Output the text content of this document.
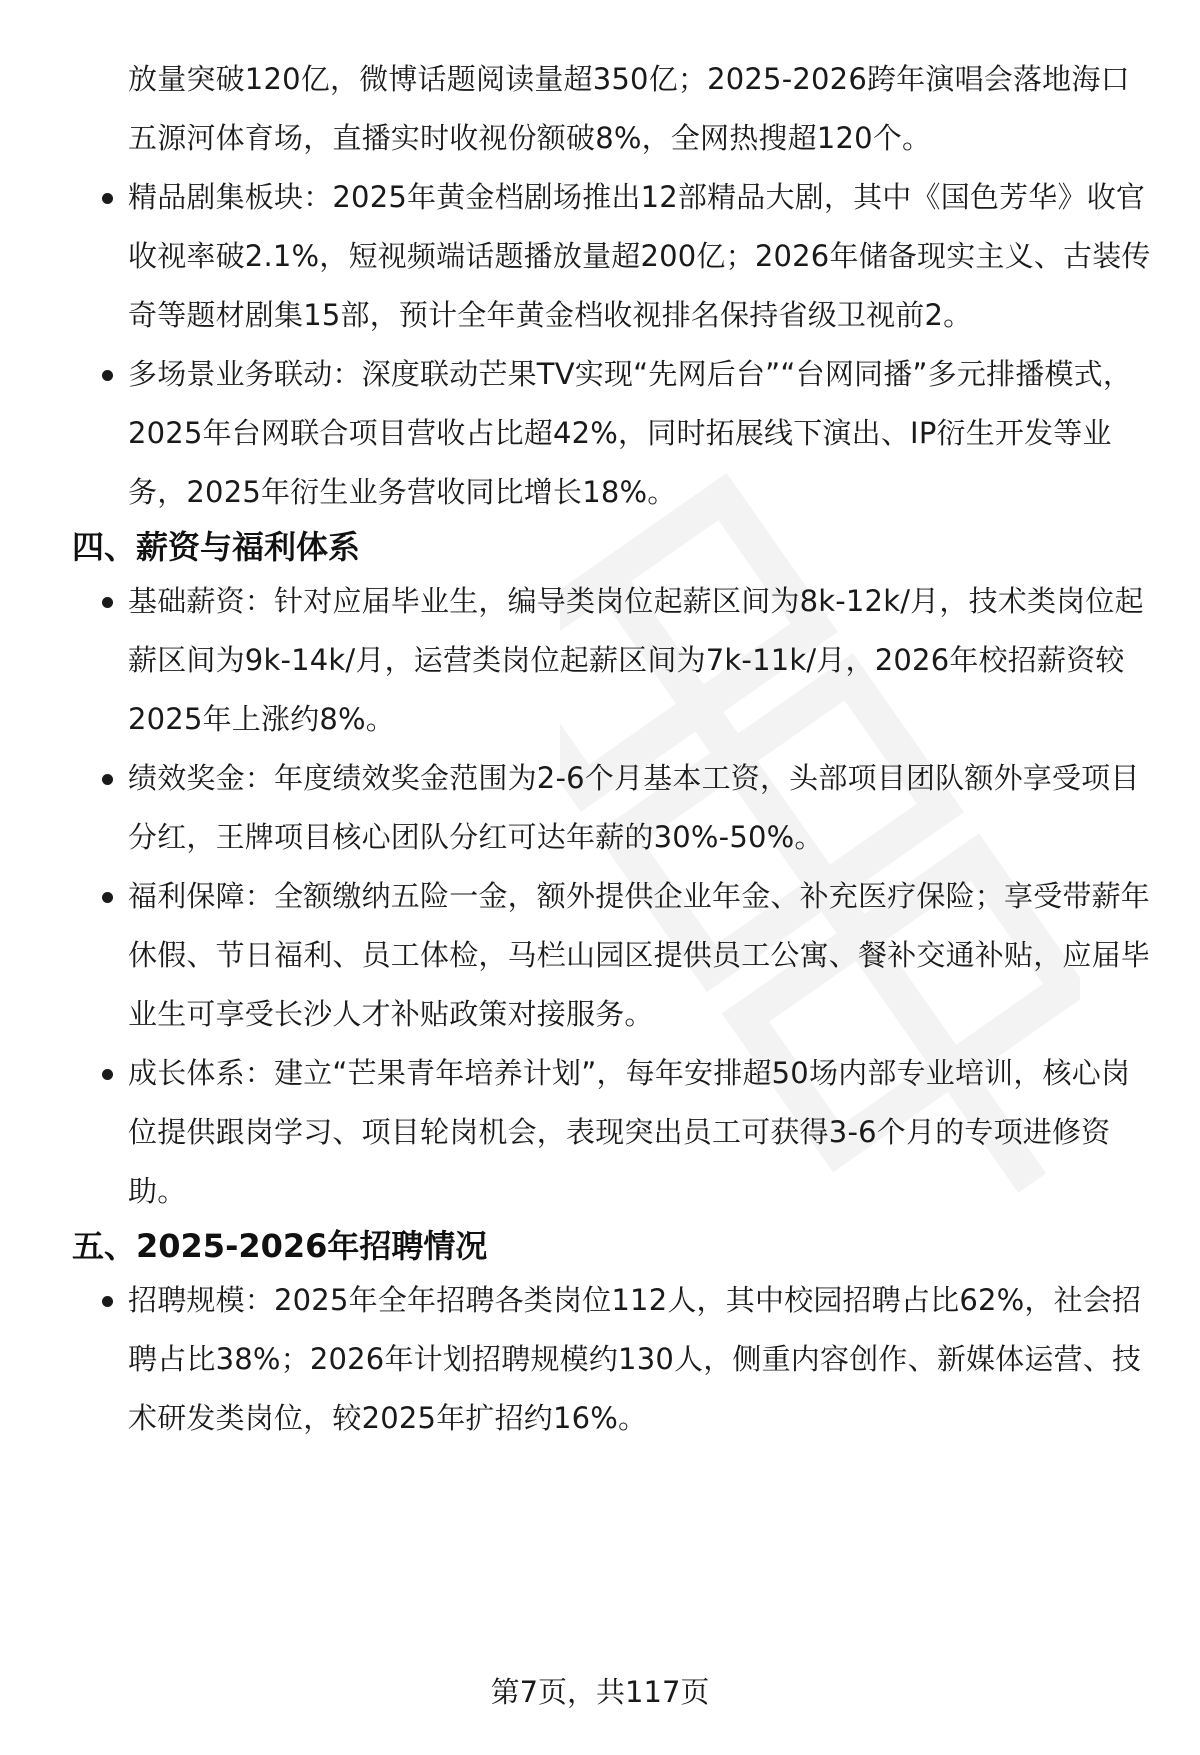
放量突破120亿，微博话题阅读量超350亿；2025-2026跨年演唱会落地海口五源河体育场，直播实时收视份额破8%，全网热搜超120个。
精品剧集板块：2025年黄金档剧场推出12部精品大剧，其中《国色芳华》收官收视率破2.1%，短视频端话题播放量超200亿；2026年储备现实主义、古装传奇等题材剧集15部，预计全年黄金档收视排名保持省级卫视前2。
多场景业务联动：深度联动芒果TV实现“先网后台”“台网同播”多元排播模式，2025年台网联合项目营收占比超42%，同时拓展线下演出、IP衍生开发等业务，2025年衍生业务营收同比增长18%。
四、薪资与福利体系
基础薪资：针对应届毕业生，编导类岗位起薪区间为8k-12k/月，技术类岗位起薪区间为9k-14k/月，运营类岗位起薪区间为7k-11k/月，2026年校招薪资较2025年上涨约8%。
绩效奖金：年度绩效奖金范围为2-6个月基本工资，头部项目团队额外享受项目分红，王牌项目核心团队分红可达年薪的30%-50%。
福利保障：全额缴纳五险一金，额外提供企业年金、补充医疗保险；享受带薪年休假、节日福利、员工体检，马栏山园区提供员工公寓、餐补交通补贴，应届毕业生可享受长沙人才补贴政策对接服务。
成长体系：建立“芒果青年培养计划”，每年安排超50场内部专业培训，核心岗位提供跟岗学习、项目轮岗机会，表现突出员工可获得3-6个月的专项进修资助。
五、2025-2026年招聘情况
招聘规模：2025年全年招聘各类岗位112人，其中校园招聘占比62%，社会招聘占比38%；2026年计划招聘规模约130人，侧重内容创作、新媒体运营、技术研发类岗位，较2025年扩招约16%。
第7页，共117页
